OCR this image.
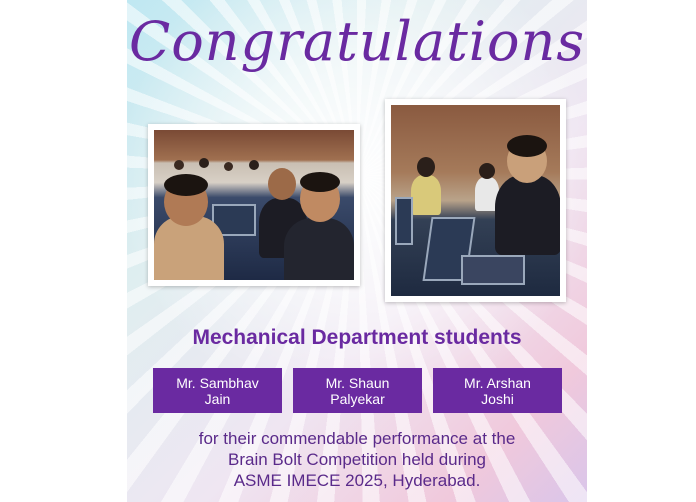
Congratulations
Mechanical Department students
Mr. Sambhav
Jain
Mr. Shaun
Palyekar
Mr. Arshan
Joshi
for their commendable performance at the
Brain Bolt Competition held during
ASME IMECE 2025, Hyderabad.
